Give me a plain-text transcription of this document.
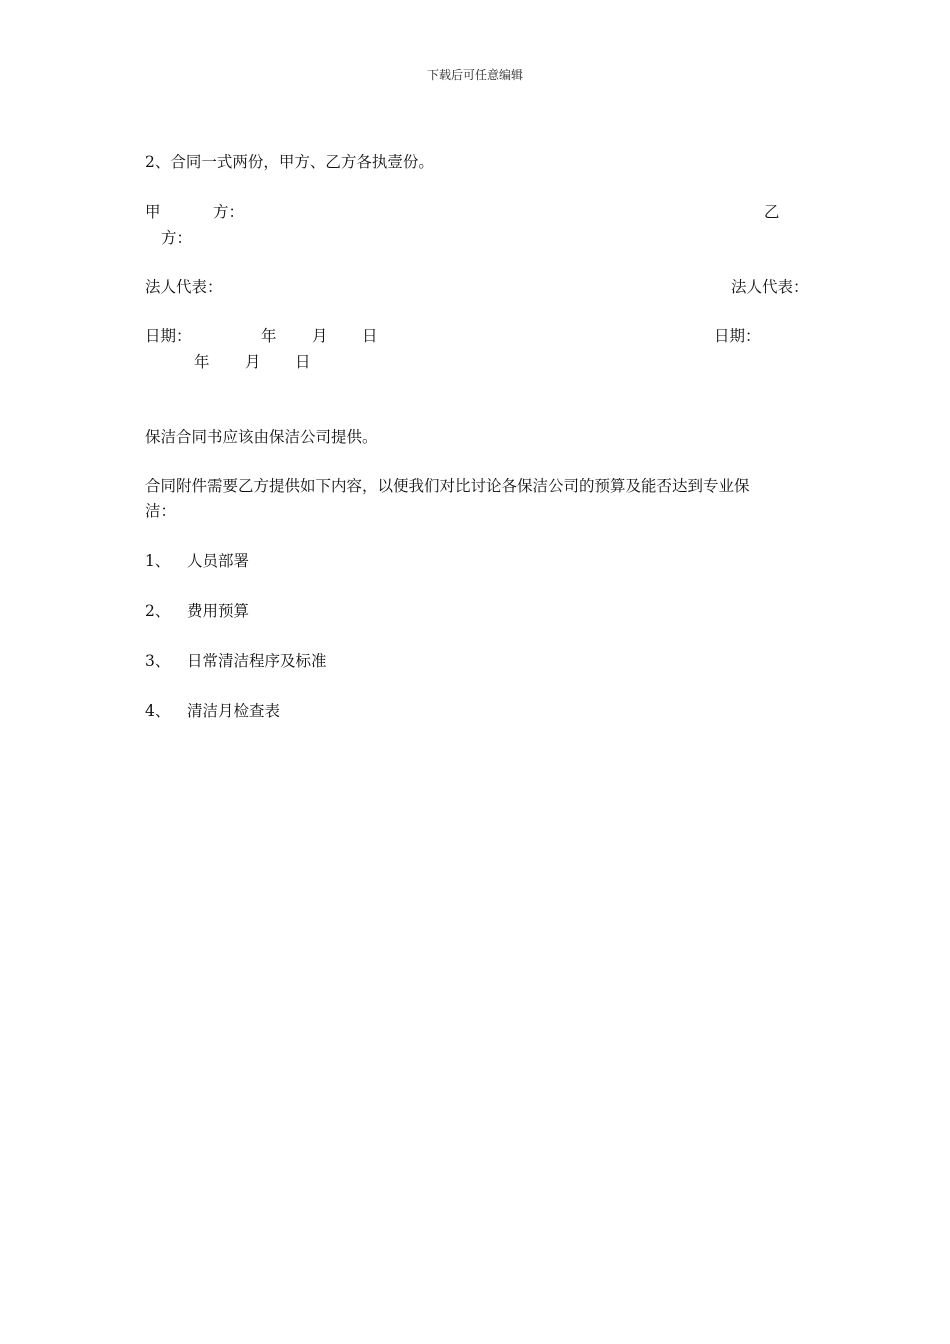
下载后可任意编辑
2、合同一式两份，甲方、乙方各执壹份。
甲	方：	乙
方：
法人代表：	法人代表：
日期：	年 月 日	日期：
年 月 日
保洁合同书应该由保洁公司提供。
合同附件需要乙方提供如下内容，以便我们对比讨论各保洁公司的预算及能否达到专业保
洁：
1、 人员部署
2、 费用预算
3、 日常清洁程序及标准
4、 清洁月检查表
